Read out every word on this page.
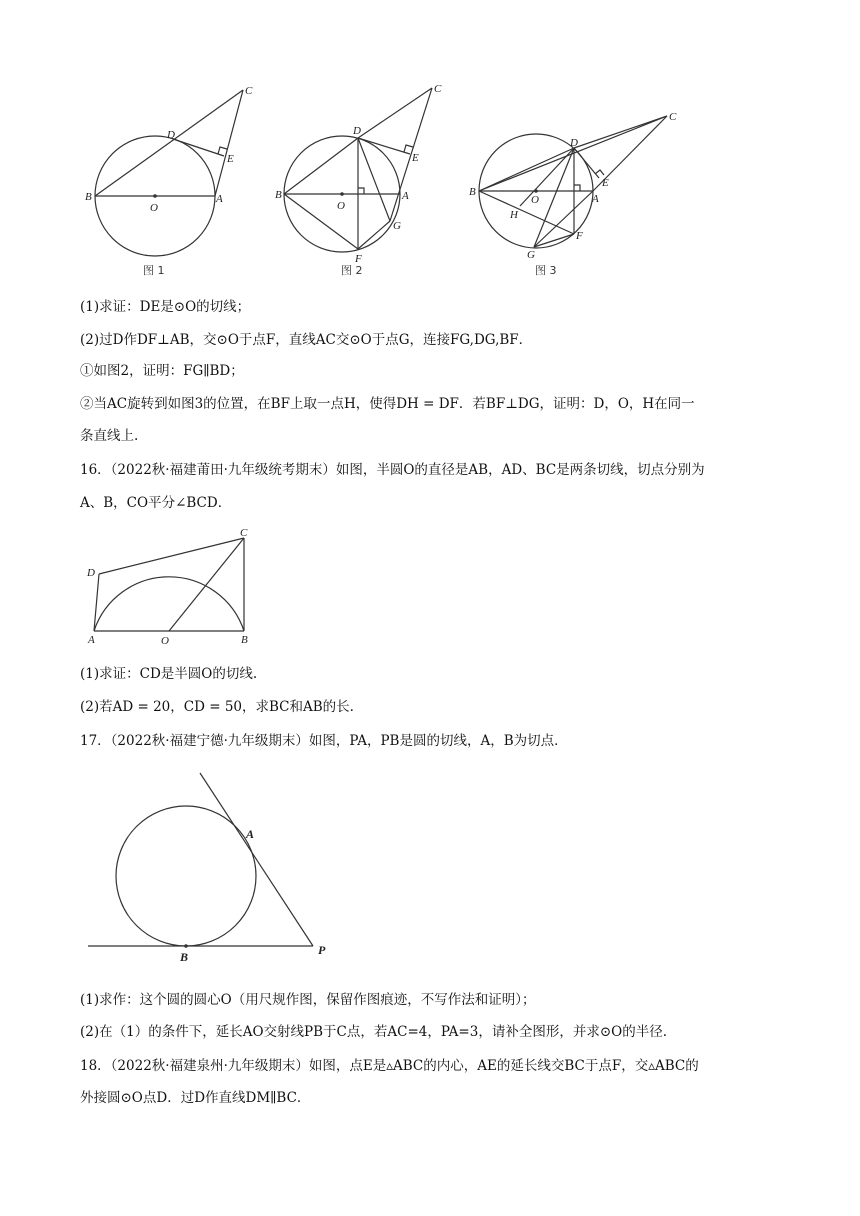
B
O
A
D
E
C
图 1
B
O
A
D
E
C
G
F
图 2
B
O	A
D
E
C
H
G
F
图 3
(1)求证：DE是⊙O的切线；
(2)过D作DF⊥AB，交⊙O于点F，直线AC交⊙O于点G，连接FG,DG,BF．
①如图2，证明：FG∥BD；
②当AC旋转到如图3的位置，在BF上取一点H，使得DH = DF．若BF⊥DG，证明：D，O，H在同一
条直线上.
16．（2022秋·福建莆田·九年级统考期末）如图，半圆O的直径是AB，AD、BC是两条切线，切点分别为
A、B，CO平分∠BCD．
D
C
A	O	B
(1)求证：CD是半圆O的切线.
(2)若AD = 20，CD = 50，求BC和AB的长.
17．（2022秋·福建宁德·九年级期末）如图，PA，PB是圆的切线，A，B为切点．
A
B	P
(1)求作：这个圆的圆心O（用尺规作图，保留作图痕迹，不写作法和证明）；
(2)在（1）的条件下，延长AO交射线PB于C点，若AC=4，PA=3，请补全图形，并求⊙O的半径.
18．（2022秋·福建泉州·九年级期末）如图，点E是▵ABC的内心，AE的延长线交BC于点F，交▵ABC的
外接圆⊙O点D．过D作直线DM∥BC．
